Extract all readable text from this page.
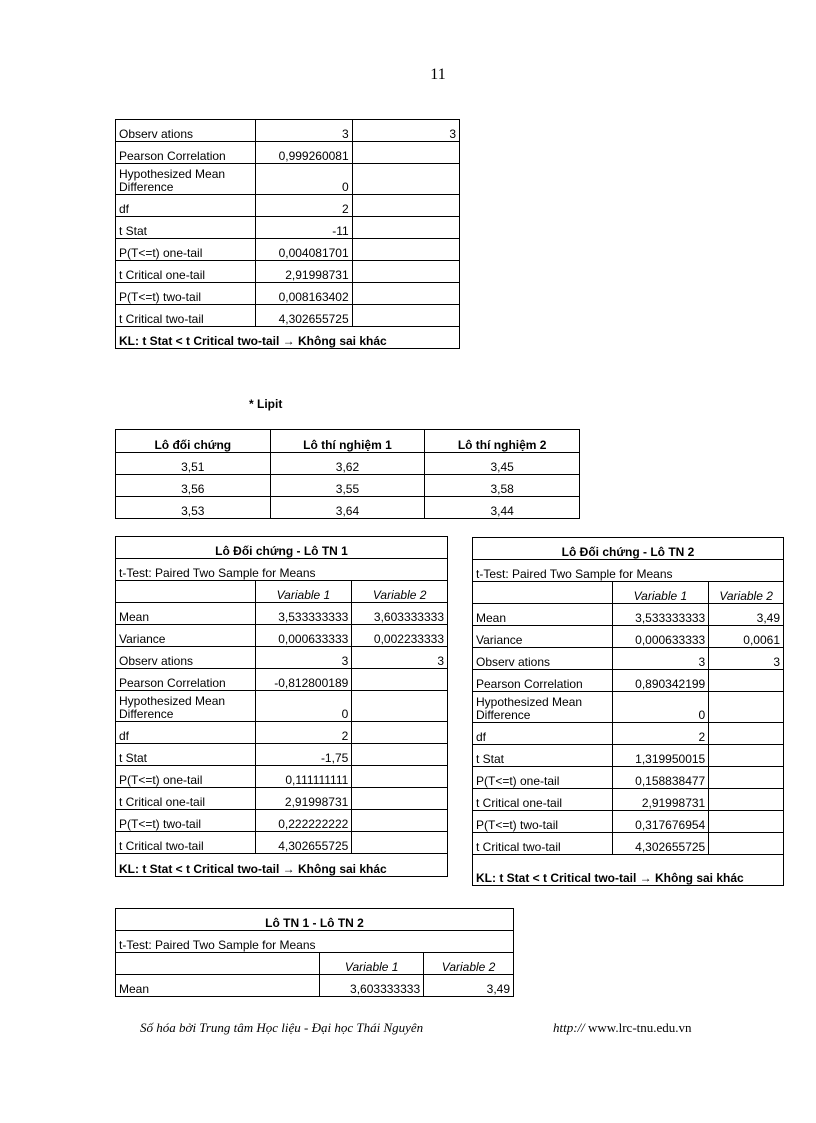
11
Observ ations	3	3
Pearson Correlation	0,999260081	
Hypothesized Mean Difference	0	
df	2	
t Stat	-11	
P(T<=t) one-tail	0,004081701	
t Critical one-tail	2,91998731	
P(T<=t) two-tail	0,008163402	
t Critical two-tail	4,302655725	
KL: t Stat < t Critical two-tail → Không sai khác		
* Lipit
Lô đối chứng	Lô thí nghiệm 1	Lô thí nghiệm 2
3,51	3,62	3,45
3,56	3,55	3,58
3,53	3,64	3,44
Lô Đối chứng - Lô TN 1		
t-Test: Paired Two Sample for Means		
	Variable 1	Variable 2
Mean	3,533333333	3,603333333
Variance	0,000633333	0,002233333
Observ ations	3	3
Pearson Correlation	-0,812800189	
Hypothesized Mean Difference	0	
df	2	
t Stat	-1,75	
P(T<=t) one-tail	0,111111111	
t Critical one-tail	2,91998731	
P(T<=t) two-tail	0,222222222	
t Critical two-tail	4,302655725	
KL: t Stat < t Critical two-tail → Không sai khác		
Lô Đối chứng - Lô TN 2		
t-Test: Paired Two Sample for Means		
	Variable 1	Variable 2
Mean	3,533333333	3,49
Variance	0,000633333	0,0061
Observ ations	3	3
Pearson Correlation	0,890342199	
Hypothesized Mean Difference	0	
df	2	
t Stat	1,319950015	
P(T<=t) one-tail	0,158838477	
t Critical one-tail	2,91998731	
P(T<=t) two-tail	0,317676954	
t Critical two-tail	4,302655725	
KL: t Stat < t Critical two-tail → Không sai khác		
Lô TN 1 - Lô TN 2		
t-Test: Paired Two Sample for Means		
	Variable 1	Variable 2
Mean	3,603333333	3,49
Số hóa bởi Trung tâm Học liệu - Đại học Thái Nguyên	http:// www.lrc-tnu.edu.vn
